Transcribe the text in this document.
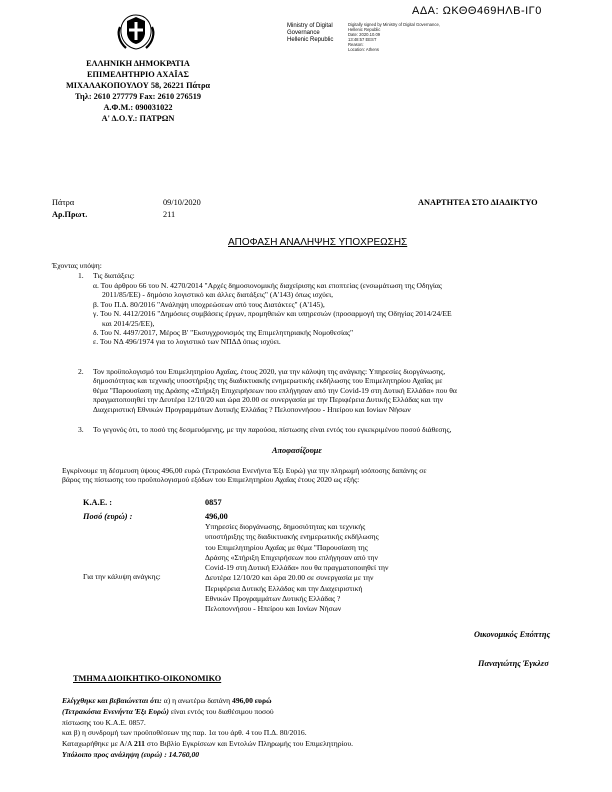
ΑΔΑ: ΩΚΘΘ469ΗΛΒ-ΙΓ0
Ministry of Digital
Governance
Hellenic Republic
Digitally signed by Ministry of Digital Governance,
Hellenic Republic
Date: 2020.10.09
13:48:57 EEST
Reason:
Location: Athens
ΕΛΛΗΝΙΚΗ ΔΗΜΟΚΡΑΤΙΑ
ΕΠΙΜΕΛΗΤΗΡΙΟ ΑΧΑΪΑΣ
ΜΙΧΑΛΑΚΟΠΟΥΛΟΥ 58, 26221 Πάτρα
Τηλ: 2610 277779 Fax: 2610 276519
Α.Φ.Μ.: 090031022
Α' Δ.Ο.Υ.: ΠΑΤΡΩΝ
Πάτρα	09/10/2020	ΑΝΑΡΤΗΤΕΑ ΣΤΟ ΔΙΑΔΙΚΤΥΟ
Αρ.Πρωτ.	211
ΑΠΟΦΑΣΗ ΑΝΑΛΗΨΗΣ ΥΠΟΧΡΕΩΣΗΣ
Έχοντας υπόψη:
1. Τις διατάξεις:
α. Του άρθρου 66 του Ν. 4270/2014 "Αρχές δημοσιονομικής διαχείρισης και εποπτείας (ενσωμάτωση της Οδηγίας
2011/85/ΕΕ) - δημόσιο λογιστικό και άλλες διατάξεις" (Α'143) όπως ισχύει,
β. Του Π.Δ. 80/2016 "Ανάληψη υποχρεώσεων από τους Διατάκτες" (Α'145),
γ. Του Ν. 4412/2016 "Δημόσιες συμβάσεις έργων, προμηθειών και υπηρεσιών (προσαρμογή της Οδηγίας 2014/24/ΕΕ
και 2014/25/ΕΕ),
δ. Του Ν. 4497/2017, Μέρος Β' "Εκσυγχρονισμός της Επιμελητηριακής Νομοθεσίας"
ε. Του ΝΔ 496/1974 για το λογιστικό των ΝΠΔΔ όπως ισχύει.
2. Τον προϋπολογισμό του Επιμελητηρίου Αχαΐας, έτους 2020, για την κάλυψη της ανάγκης: Υπηρεσίες διοργάνωσης,
δημοσιότητας και τεχνικής υποστήριξης της διαδικτυακής ενημερωτικής εκδήλωσης του Επιμελητηρίου Αχαΐας με
θέμα "Παρουσίαση της Δράσης «Στήριξη Επιχειρήσεων που επλήγησαν από την Covid-19 στη Δυτική Ελλάδα» που θα
πραγματοποιηθεί την Δευτέρα 12/10/20 και ώρα 20.00 σε συνεργασία με την Περιφέρεια Δυτικής Ελλάδας και την
Διαχειριστική Εθνικών Προγραμμάτων Δυτικής Ελλάδας ? Πελοποννήσου - Ηπείρου και Ιονίων Νήσων
3. Το γεγονός ότι, το ποσό της δεσμευόμενης, με την παρούσα, πίστωσης είναι εντός του εγκεκριμένου ποσού διάθεσης,
Αποφασίζουμε
Εγκρίνουμε τη δέσμευση ύψους 496,00 ευρώ (Τετρακόσια Ενενήντα Έξι Ευρώ) για την πληρωμή ισόποσης δαπάνης σε
βάρος της πίστωσης του προϋπολογισμού εξόδων του Επιμελητηρίου Αχαΐας έτους 2020 ως εξής:
Κ.Α.Ε. :	0857
Ποσό (ευρώ) :	496,00
Για την κάλυψη ανάγκης:
Υπηρεσίες διοργάνωσης, δημοσιότητας και τεχνικής
υποστήριξης της διαδικτυακής ενημερωτικής εκδήλωσης
του Επιμελητηρίου Αχαΐας με θέμα "Παρουσίαση της
Δράσης «Στήριξη Επιχειρήσεων που επλήγησαν από την
Covid-19 στη Δυτική Ελλάδα» που θα πραγματοποιηθεί την
Δευτέρα 12/10/20 και ώρα 20.00 σε συνεργασία με την
Περιφέρεια Δυτικής Ελλάδας και την Διαχειριστική
Εθνικών Προγραμμάτων Δυτικής Ελλάδας ?
Πελοποννήσου - Ηπείρου και Ιονίων Νήσων
Οικονομικός Επόπτης
Παναγιώτης Έγκλεσ
ΤΜΗΜΑ ΔΙΟΙΚΗΤΙΚΟ-ΟΙΚΟΝΟΜΙΚΟ
Ελέγχθηκε και βεβαιώνεται ότι: α) η ανωτέρω δαπάνη 496,00 ευρώ
(Τετρακόσια Ενενήντα Έξι Ευρώ) είναι εντός του διαθέσιμου ποσού
πίστωσης του Κ.Α.Ε. 0857.
και β) η συνδρομή των προϋποθέσεων της παρ. 1α του άρθ. 4 του Π.Δ. 80/2016.
Καταχωρήθηκε με Α/Α 211 στο Βιβλίο Εγκρίσεων και Εντολών Πληρωμής του Επιμελητηρίου.
Υπόλοιπο προς ανάληψη (ευρώ) : 14.760,00
